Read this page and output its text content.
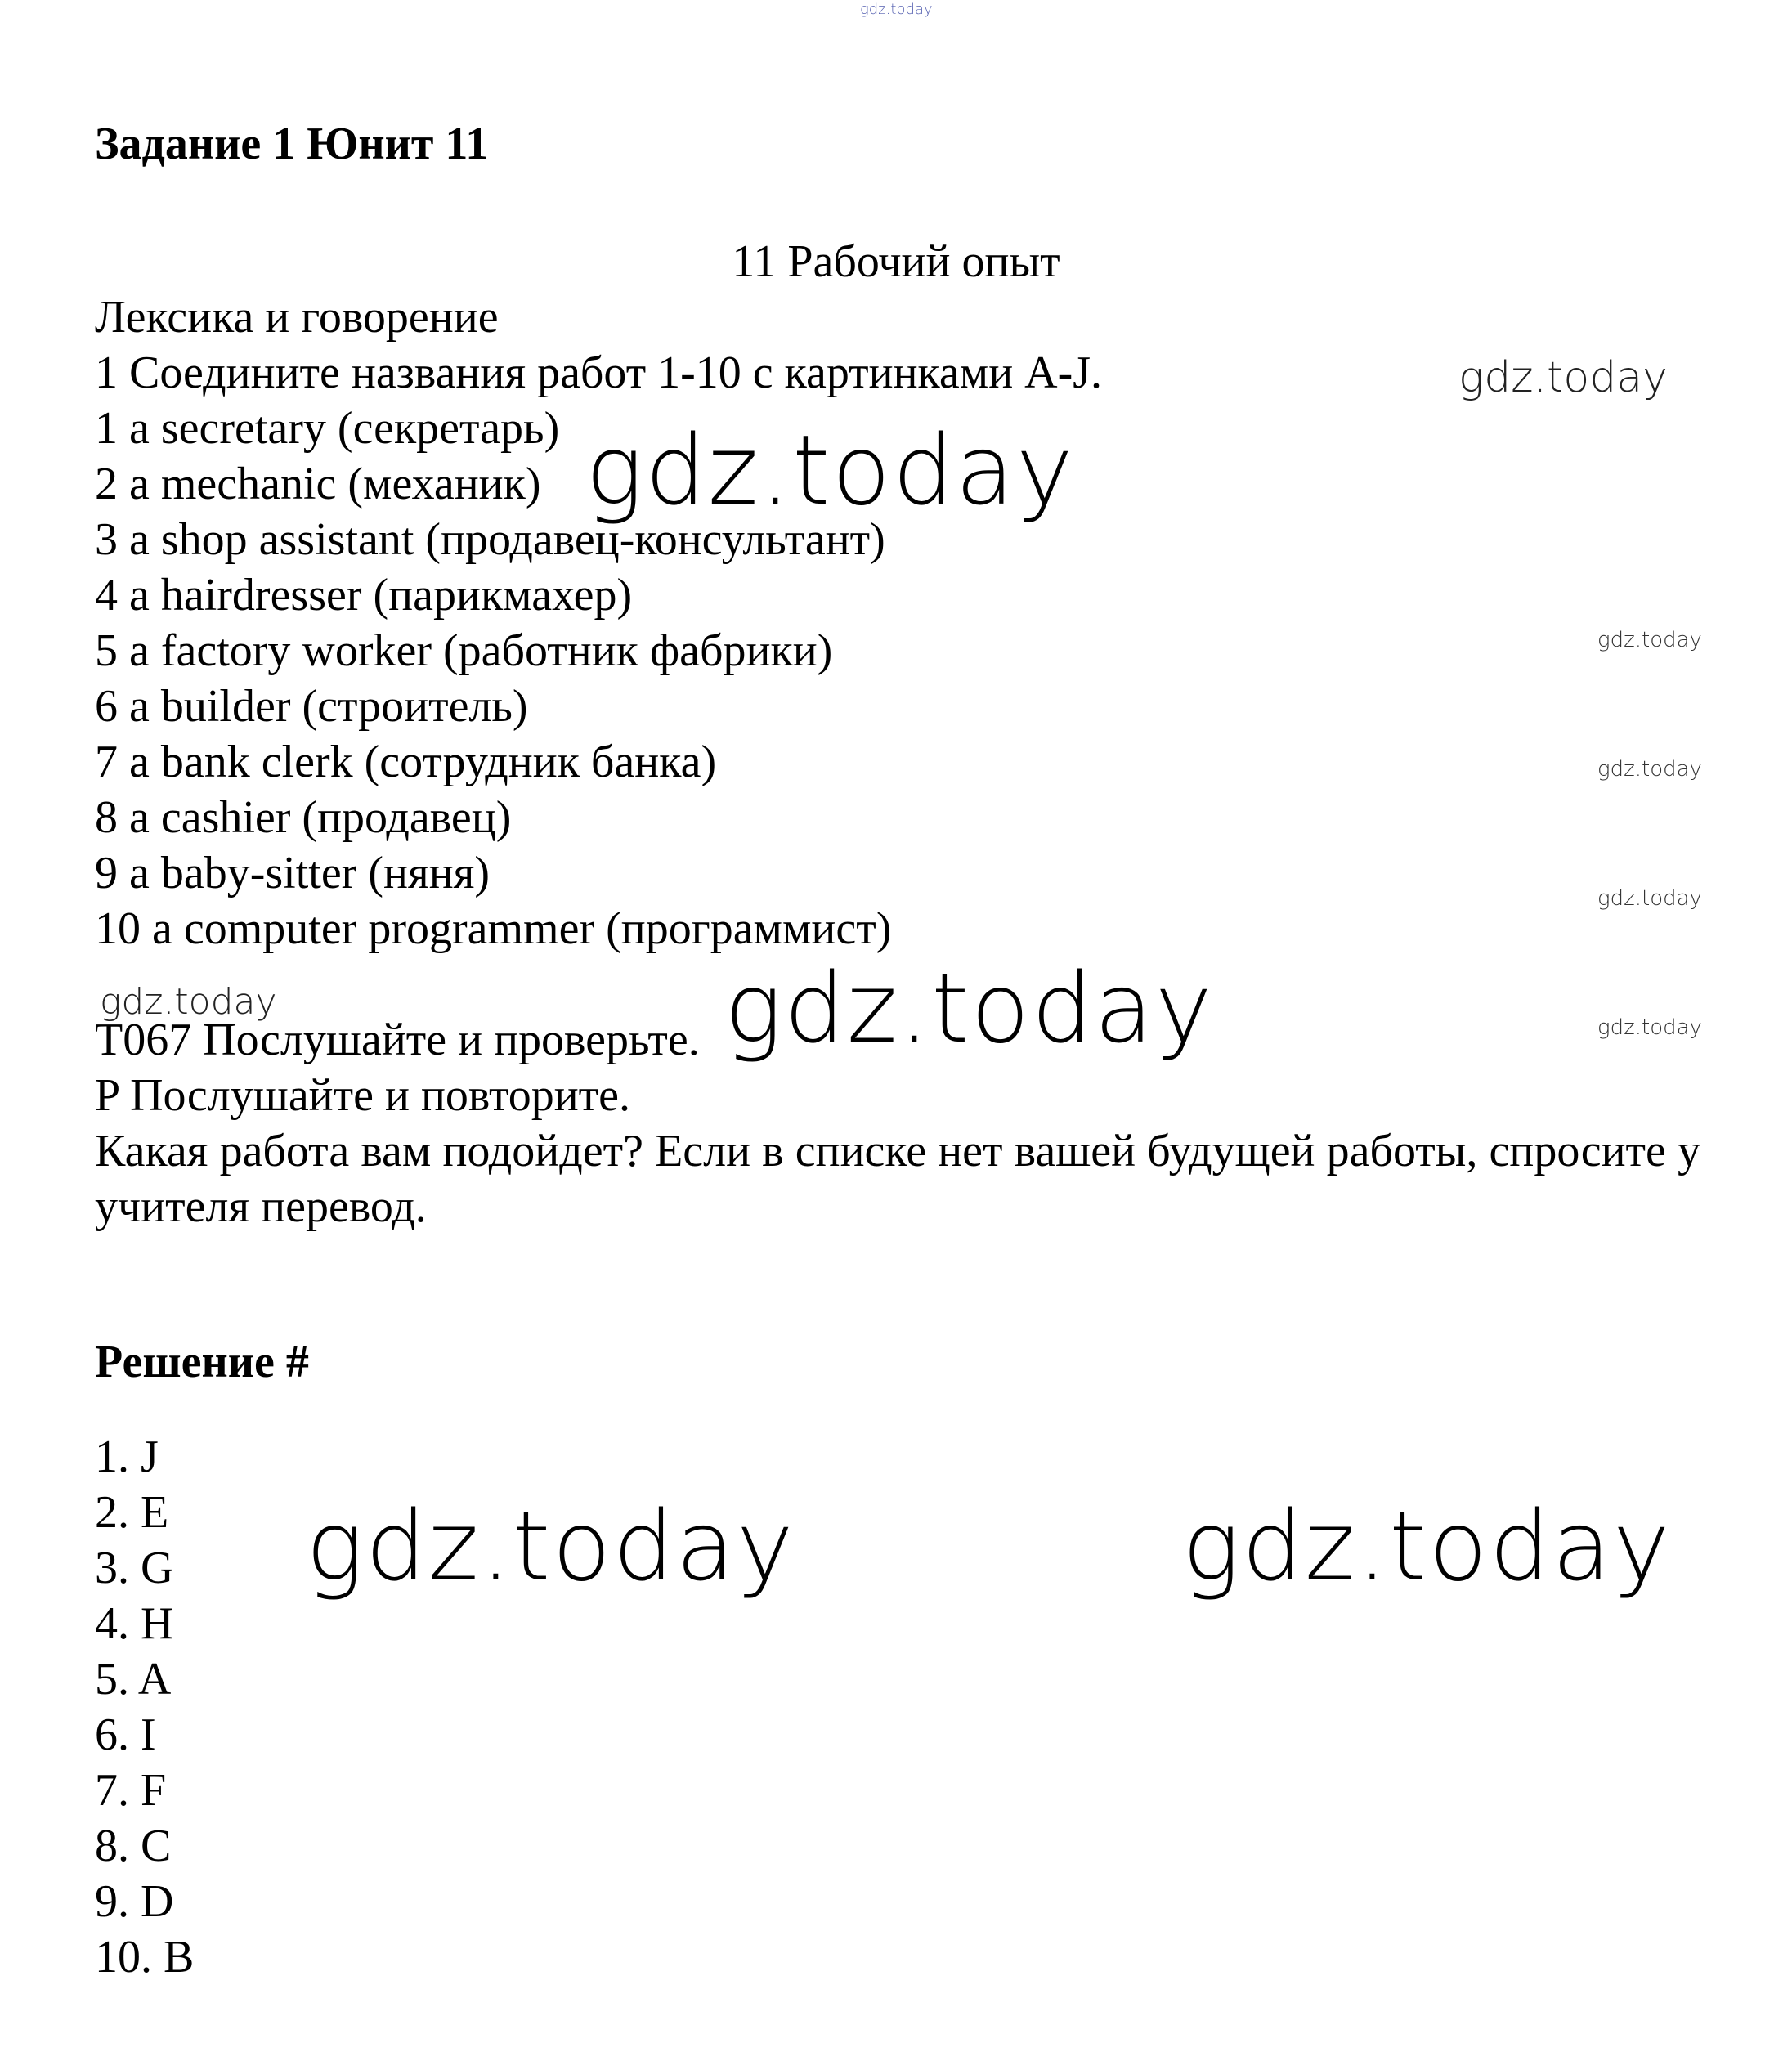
gdz.today
Задание 1 Юнит 11
11 Рабочий опыт
Лексика и говорение
1 Соедините названия работ 1-10 с картинками A-J.
1 a secretary (секретарь)
2 a mechanic (механик)
3 a shop assistant (продавец-консультант)
4 a hairdresser (парикмахер)
5 a factory worker (работник фабрики)
6 a builder (строитель)
7 a bank clerk (сотрудник банка)
8 a cashier (продавец)
9 a baby-sitter (няня)
10 a computer programmer (программист)
T067 Послушайте и проверьте.
P Послушайте и повторите.
Какая работа вам подойдет? Если в списке нет вашей будущей работы, спросите у учителя перевод.
Решение #
1. J
2. E
3. G
4. H
5. A
6. I
7. F
8. C
9. D
10. B
gdz.today
gdz.today
gdz.today
gdz.today
gdz.today
gdz.today
gdz.today	gdz.today
gdz.today	gdz.today
